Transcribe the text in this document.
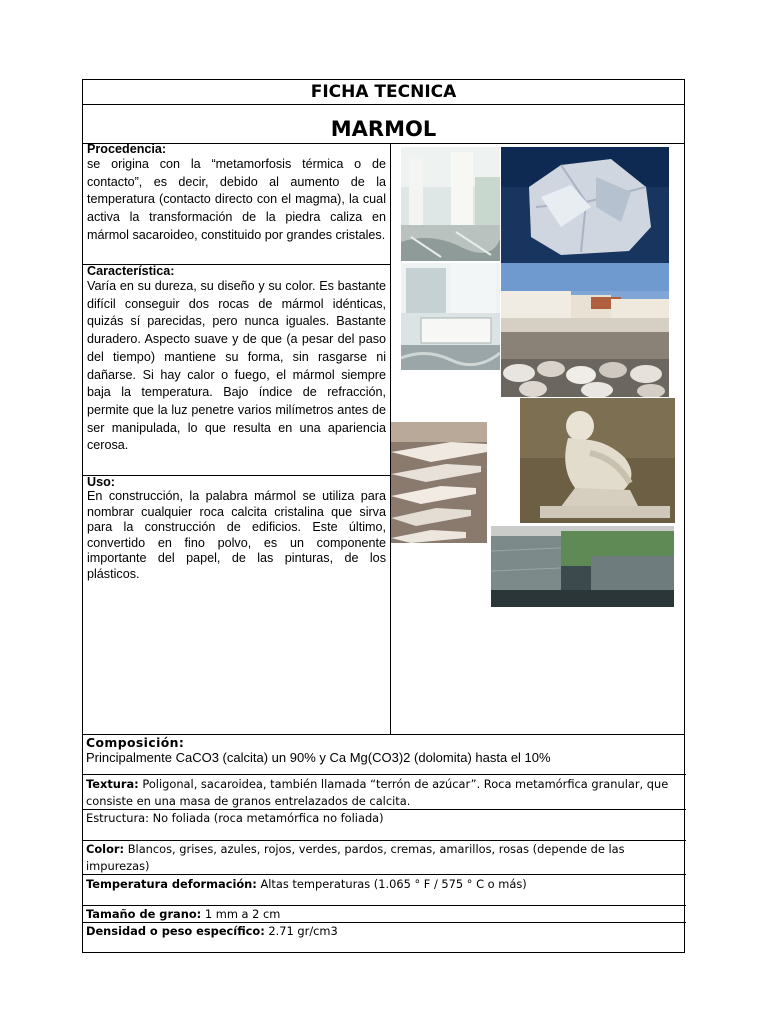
FICHA TECNICA
MARMOL
Procedencia:
se origina con la “metamorfosis térmica o de contacto”, es decir, debido al aumento de la temperatura (contacto directo con el magma), la cual activa la transformación de la piedra caliza en mármol sacaroideo, constituido por grandes cristales.
Característica:
Varía en su dureza, su diseño y su color. Es bastante difícil conseguir dos rocas de mármol idénticas, quizás sí parecidas, pero nunca iguales. Bastante duradero. Aspecto suave y de que (a pesar del paso del tiempo) mantiene su forma, sin rasgarse ni dañarse. Si hay calor o fuego, el mármol siempre baja la temperatura. Bajo índice de refracción, permite que la luz penetre varios milímetros antes de ser manipulada, lo que resulta en una apariencia cerosa.
Uso:
En construcción, la palabra mármol se utiliza para nombrar cualquier roca calcita cristalina que sirva para la construcción de edificios. Este último, convertido en fino polvo, es un componente importante del papel, de las pinturas, de los plásticos.
Composición:
Principalmente CaCO3 (calcita) un 90% y Ca Mg(CO3)2 (dolomita) hasta el 10%
Textura: Poligonal, sacaroidea, también llamada “terrón de azúcar”. Roca metamórfica granular, que consiste en una masa de granos entrelazados de calcita.
Estructura: No foliada (roca metamórfica no foliada)
Color: Blancos, grises, azules, rojos, verdes, pardos, cremas, amarillos, rosas (depende de las impurezas)
Temperatura deformación: Altas temperaturas (1.065 ° F / 575 ° C o más)
Tamaño de grano: 1 mm a 2 cm
Densidad o peso específico: 2.71 gr/cm3
